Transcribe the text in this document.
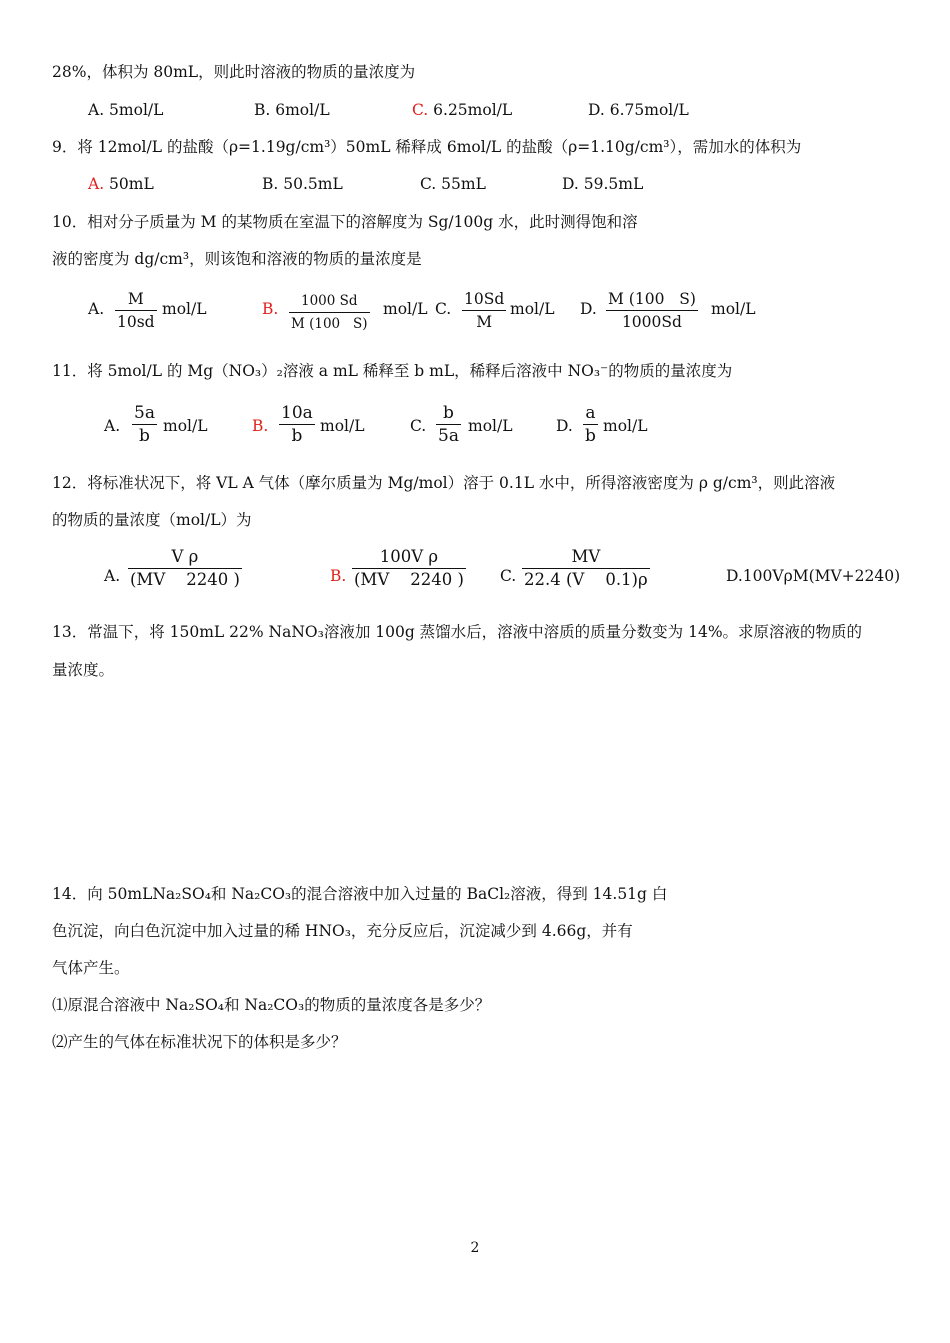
28%，体积为 80mL，则此时溶液的物质的量浓度为
A. 5mol/L	B. 6mol/L	C. 6.25mol/L	D. 6.75mol/L
9．将 12mol/L 的盐酸（ρ=1.19g/cm³）50mL 稀释成 6mol/L 的盐酸（ρ=1.10g/cm³），需加水的体积为
A. 50mL	B. 50.5mL	C. 55mL	D. 59.5mL
10．相对分子质量为 M 的某物质在室温下的溶解度为 Sg/100g 水，此时测得饱和溶
液的密度为 dg/cm³，则该饱和溶液的物质的量浓度是
A. $\frac{M}{10sd} mol/L$	B. $\frac{1000 Sd}{M (100 S)} mol/L$ C. $\frac{10Sd}{M} mol/L$ D. $\frac{M (100 S)}{1000Sd} mol/L$
11．将 5mol/L 的 Mg（NO₃）₂溶液 a mL 稀释至 b mL，稀释后溶液中 NO₃⁻的物质的量浓度为
A. $\frac{5a}{b} mol/L$	B. $\frac{10a}{b} mol/L$	C. $\frac{b}{5a} mol/L$	D. $\frac{a}{b} mol/L$
12．将标准状况下，将 VL A 气体（摩尔质量为 Mg/mol）溶于 0.1L 水中，所得溶液密度为 ρ g/cm³，则此溶液
的物质的量浓度（mol/L）为
A. $\frac{\text{V ρ}}{(MV 2240 )}$	B. $\frac{\text{100V ρ}}{(MV 2240 )} C$. $\frac{MV}{22.4 (V 0.1)\rho}$	D.100VρM(MV+2240)
13．常温下，将 150mL 22% NaNO₃溶液加 100g 蒸馏水后，溶液中溶质的质量分数变为 14%。求原溶液的物质的
量浓度。
14．向 50mLNa₂SO₄和 Na₂CO₃的混合溶液中加入过量的 BaCl₂溶液，得到 14.51g 白
色沉淀，向白色沉淀中加入过量的稀 HNO₃，充分反应后，沉淀减少到 4.66g，并有
气体产生。
⑴原混合溶液中 Na₂SO₄和 Na₂CO₃的物质的量浓度各是多少？
⑵产生的气体在标准状况下的体积是多少？
2
